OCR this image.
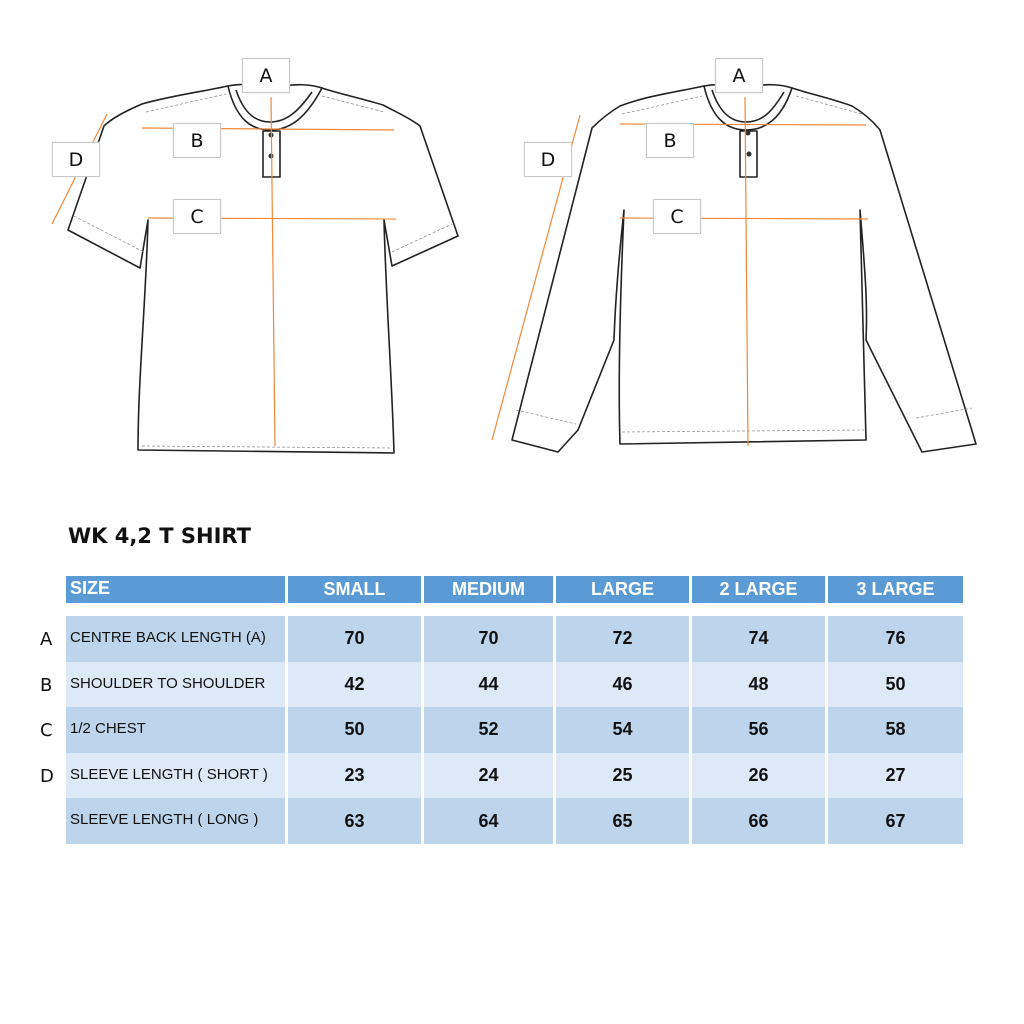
A
B
C
D
A
B
C
D
WK 4,2 T SHIRT
SIZE	SMALL	MEDIUM	LARGE	2 LARGE	3 LARGE
CENTRE BACK LENGTH (A)	70	70	72	74	76
SHOULDER TO SHOULDER	42	44	46	48	50
1/2 CHEST	50	52	54	56	58
SLEEVE LENGTH ( SHORT )	23	24	25	26	27
SLEEVE LENGTH ( LONG )	63	64	65	66	67
A
B
C
D
